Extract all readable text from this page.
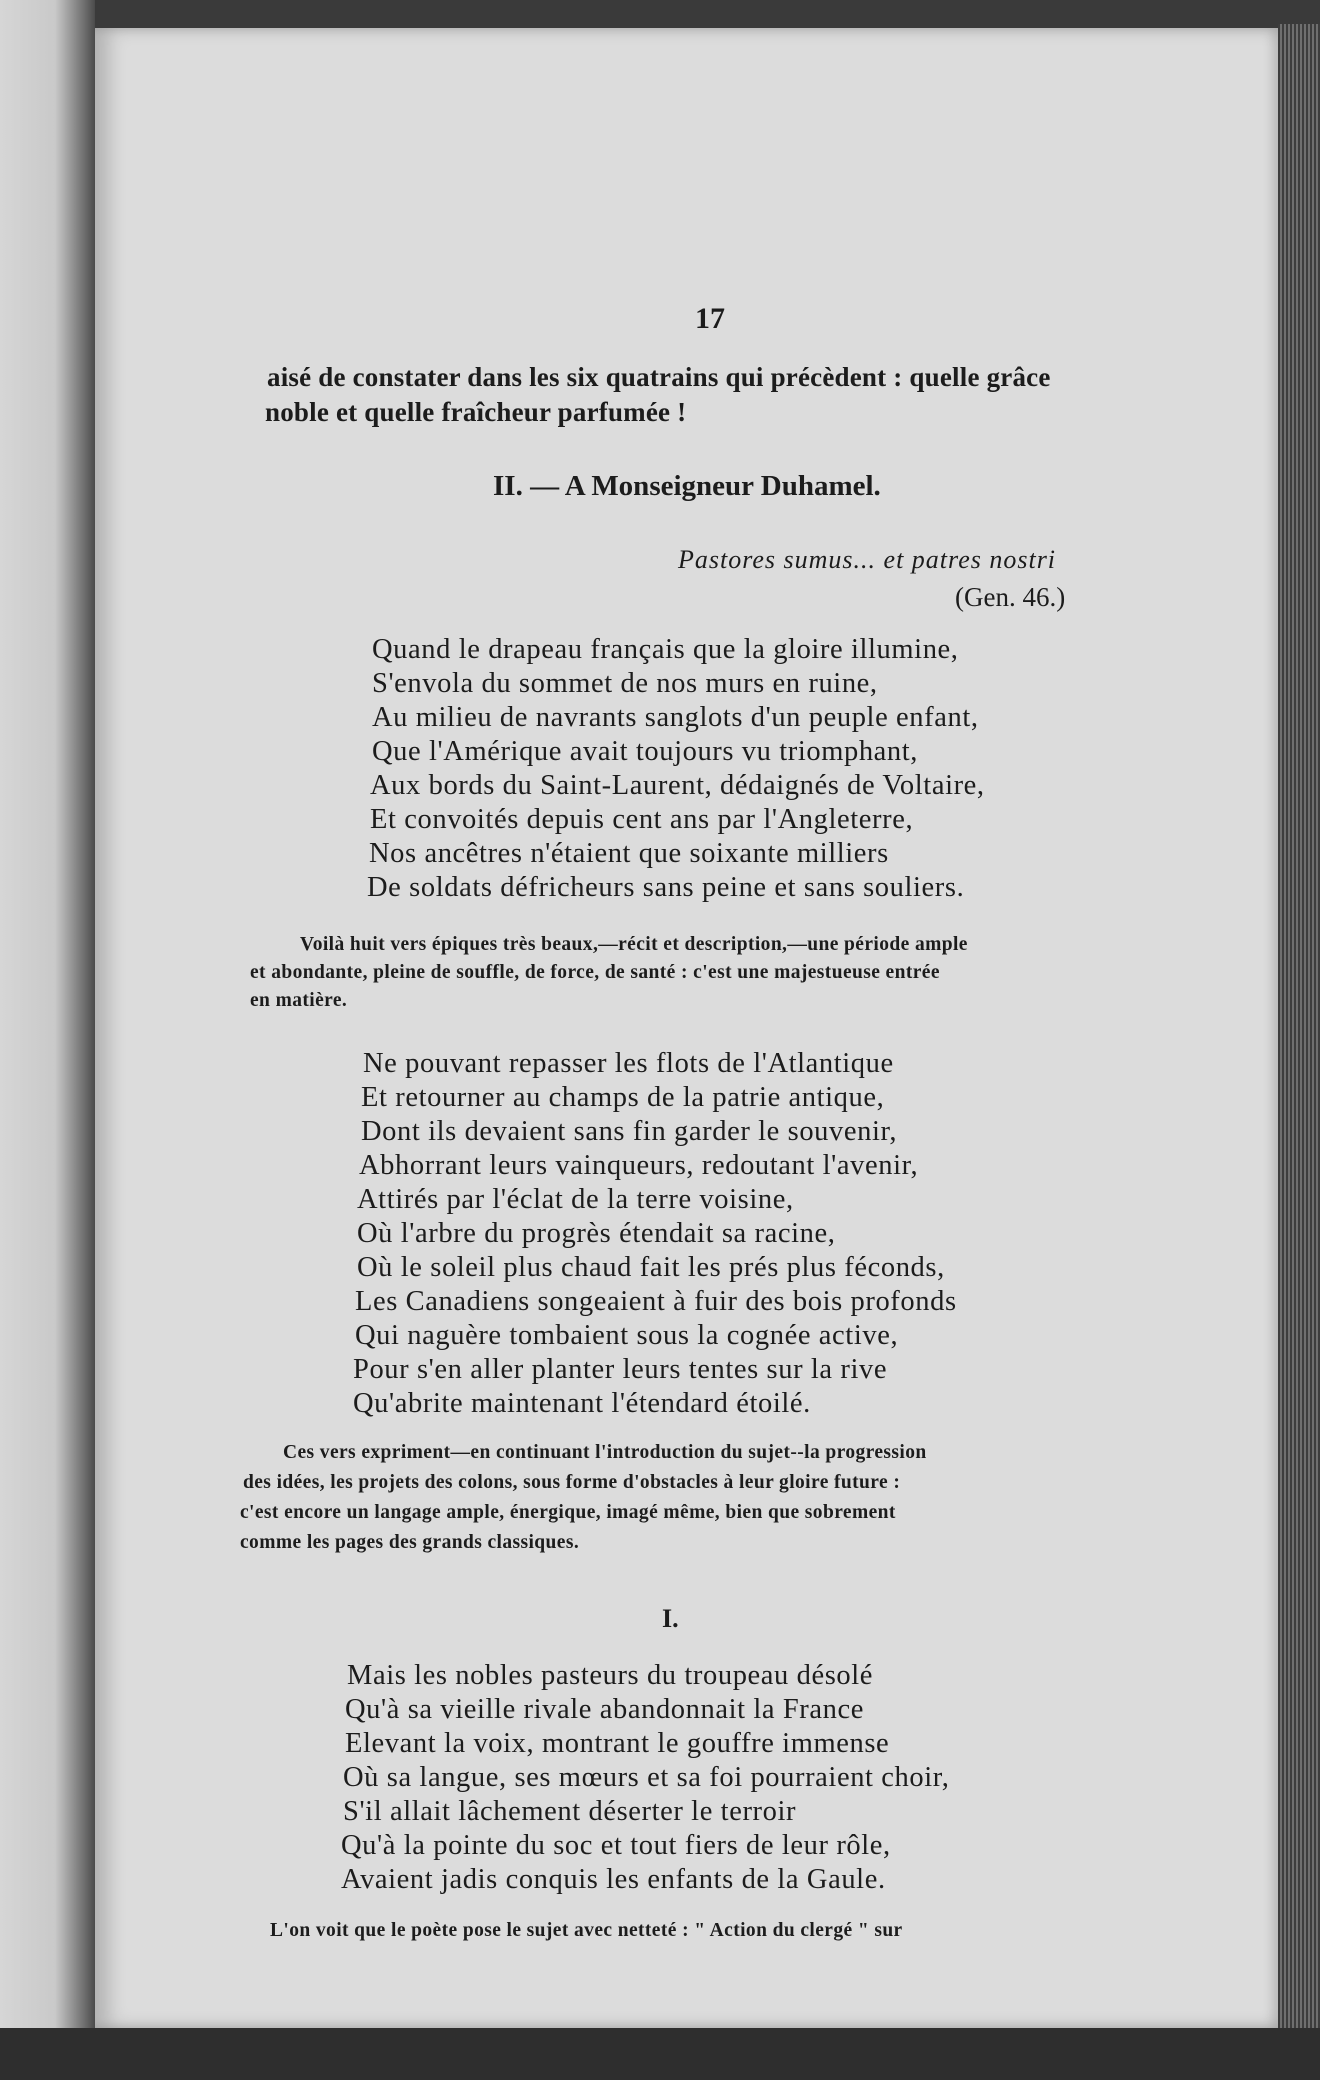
17
aisé de constater dans les six quatrains qui précèdent : quelle grâce
noble et quelle fraîcheur parfumée !
II. — A Monseigneur Duhamel.
Pastores sumus... et patres nostri
(Gen. 46.)
Quand le drapeau français que la gloire illumine,
S'envola du sommet de nos murs en ruine,
Au milieu de navrants sanglots d'un peuple enfant,
Que l'Amérique avait toujours vu triomphant,
Aux bords du Saint-Laurent, dédaignés de Voltaire,
Et convoités depuis cent ans par l'Angleterre,
Nos ancêtres n'étaient que soixante milliers
De soldats défricheurs sans peine et sans souliers.
Voilà huit vers épiques très beaux,—récit et description,—une période ample
et abondante, pleine de souffle, de force, de santé : c'est une majestueuse entrée
en matière.
Ne pouvant repasser les flots de l'Atlantique
Et retourner au champs de la patrie antique,
Dont ils devaient sans fin garder le souvenir,
Abhorrant leurs vainqueurs, redoutant l'avenir,
Attirés par l'éclat de la terre voisine,
Où l'arbre du progrès étendait sa racine,
Où le soleil plus chaud fait les prés plus féconds,
Les Canadiens songeaient à fuir des bois profonds
Qui naguère tombaient sous la cognée active,
Pour s'en aller planter leurs tentes sur la rive
Qu'abrite maintenant l'étendard étoilé.
Ces vers expriment—en continuant l'introduction du sujet--la progression
des idées, les projets des colons, sous forme d'obstacles à leur gloire future :
c'est encore un langage ample, énergique, imagé même, bien que sobrement
comme les pages des grands classiques.
I.
Mais les nobles pasteurs du troupeau désolé
Qu'à sa vieille rivale abandonnait la France
Elevant la voix, montrant le gouffre immense
Où sa langue, ses mœurs et sa foi pourraient choir,
S'il allait lâchement déserter le terroir
Qu'à la pointe du soc et tout fiers de leur rôle,
Avaient jadis conquis les enfants de la Gaule.
L'on voit que le poète pose le sujet avec netteté : " Action du clergé " sur
